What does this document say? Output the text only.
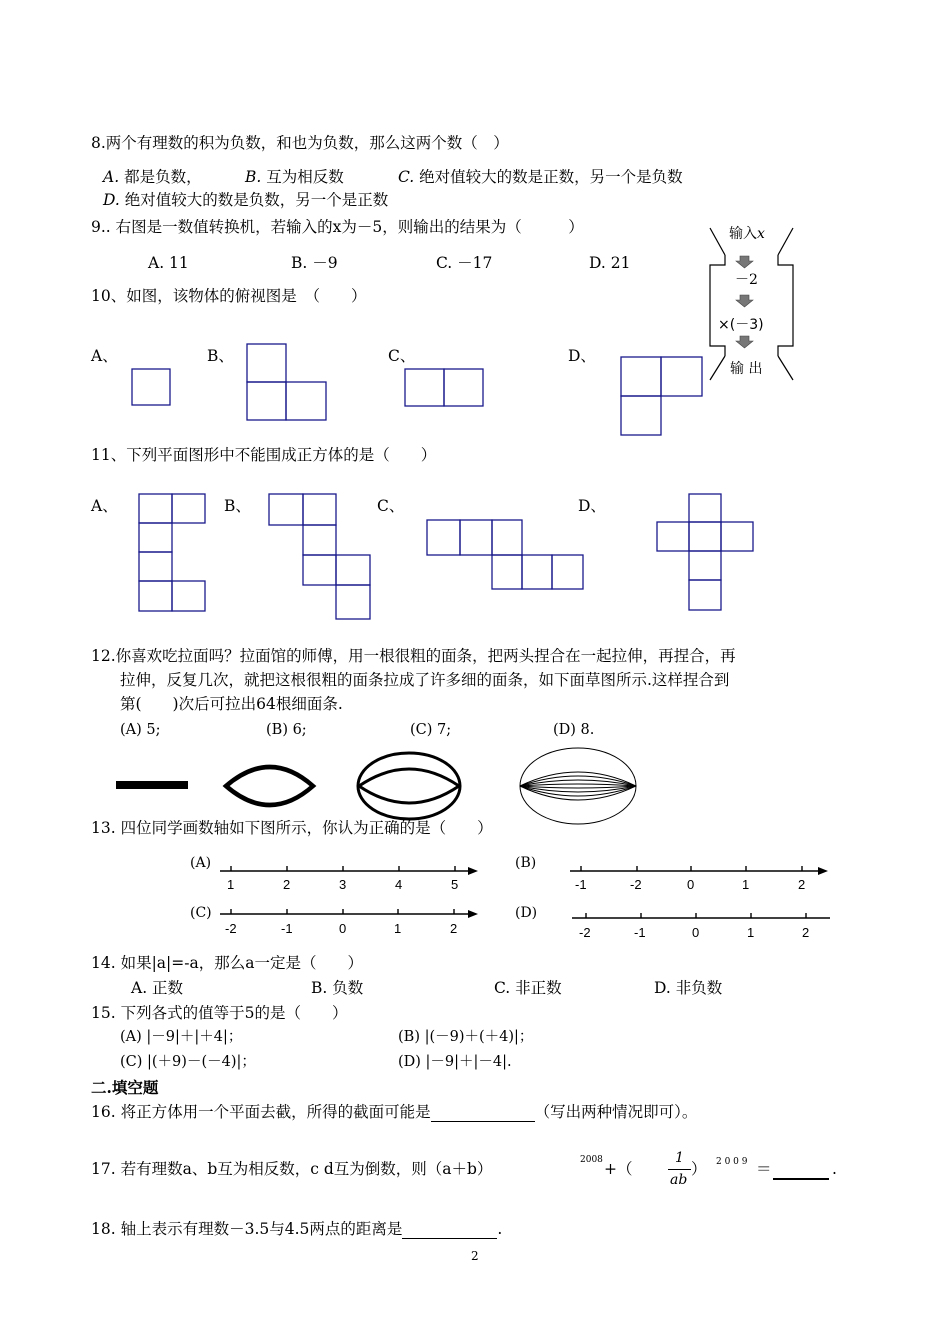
8.两个有理数的积为负数，和也为负数，那么这两个数（　）
A. 都是负数，	B. 互为相反数	C. 绝对值较大的数是正数，另一个是负数
D. 绝对值较大的数是负数，另一个是正数
9.. 右图是一数值转换机，若输入的x为－5，则输出的结果为（　　　）
A. 11	B. －9	C. －17	D. 21
输入x
－2
×(－3)
输 出
10、如图，该物体的俯视图是　（　　）
A、	B、	C、	D、
11、下列平面图形中不能围成正方体的是（　　）
A、	B、	C、	D、
12.你喜欢吃拉面吗？拉面馆的师傅，用一根很粗的面条，把两头捏合在一起拉伸，再捏合，再
拉伸，反复几次，就把这根很粗的面条拉成了许多细的面条，如下面草图所示.这样捏合到
第(　　)次后可拉出64根细面条.
(A) 5;	(B) 6;	(C) 7;	(D) 8.
13. 四位同学画数轴如下图所示，你认为正确的是（　　）
(A)	(B)
(C)	(D)
1	2	3	4	5	-1	-2	0	1	2
-2	-1	0	1	2	-2	-1	0	1	2
14. 如果|a|=-a，那么a一定是（　　）
A. 正数	B. 负数	C. 非正数	D. 非负数
15. 下列各式的值等于5的是（　　）
(A) |－9|＋|＋4|；	(B) |(－9)＋(＋4)|；
(C) |(＋9)－(－4)|；	(D) |－9|＋|－4|.
二.填空题
16. 将正方体用一个平面去截，所得的截面可能是	（写出两种情况即可）。
17. 若有理数a、b互为相反数，c d互为倒数，则（a＋b）	2008 +（
1
ab
） 2 0 0 9 ＝	.
18. 轴上表示有理数－3.5与4.5两点的距离是	.
2
